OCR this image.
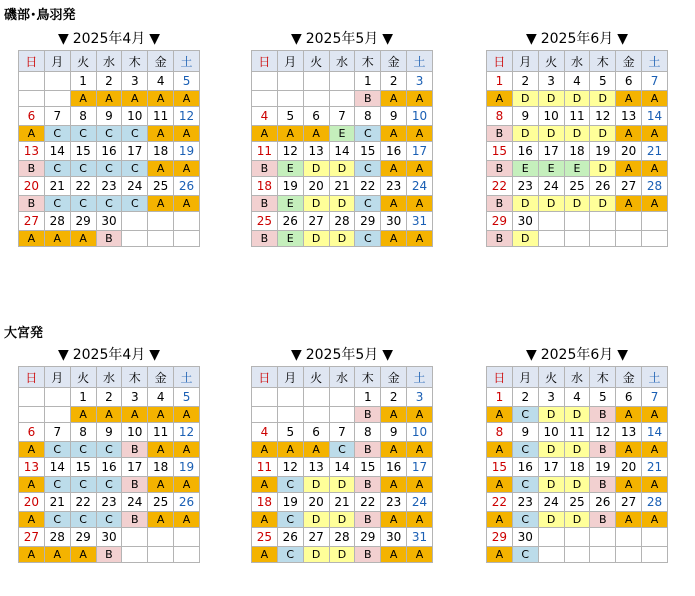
磯部･鳥羽発
大宮発
▼ 2025年4月 ▼
日	月	火	水	木	金	土
		1	2	3	4	5
		A	A	A	A	A
6	7	8	9	10	11	12
A	C	C	C	C	A	A
13	14	15	16	17	18	19
B	C	C	C	C	A	A
20	21	22	23	24	25	26
B	C	C	C	C	A	A
27	28	29	30			
A	A	A	B			
▼ 2025年5月 ▼
日	月	火	水	木	金	土
				1	2	3
				B	A	A
4	5	6	7	8	9	10
A	A	A	E	C	A	A
11	12	13	14	15	16	17
B	E	D	D	C	A	A
18	19	20	21	22	23	24
B	E	D	D	C	A	A
25	26	27	28	29	30	31
B	E	D	D	C	A	A
▼ 2025年6月 ▼
日	月	火	水	木	金	土
1	2	3	4	5	6	7
A	D	D	D	D	A	A
8	9	10	11	12	13	14
B	D	D	D	D	A	A
15	16	17	18	19	20	21
B	E	E	E	D	A	A
22	23	24	25	26	27	28
B	D	D	D	D	A	A
29	30					
B	D					
▼ 2025年4月 ▼
日	月	火	水	木	金	土
		1	2	3	4	5
		A	A	A	A	A
6	7	8	9	10	11	12
A	C	C	C	B	A	A
13	14	15	16	17	18	19
A	C	C	C	B	A	A
20	21	22	23	24	25	26
A	C	C	C	B	A	A
27	28	29	30			
A	A	A	B			
▼ 2025年5月 ▼
日	月	火	水	木	金	土
				1	2	3
				B	A	A
4	5	6	7	8	9	10
A	A	A	C	B	A	A
11	12	13	14	15	16	17
A	C	D	D	B	A	A
18	19	20	21	22	23	24
A	C	D	D	B	A	A
25	26	27	28	29	30	31
A	C	D	D	B	A	A
▼ 2025年6月 ▼
日	月	火	水	木	金	土
1	2	3	4	5	6	7
A	C	D	D	B	A	A
8	9	10	11	12	13	14
A	C	D	D	B	A	A
15	16	17	18	19	20	21
A	C	D	D	B	A	A
22	23	24	25	26	27	28
A	C	D	D	B	A	A
29	30					
A	C					
